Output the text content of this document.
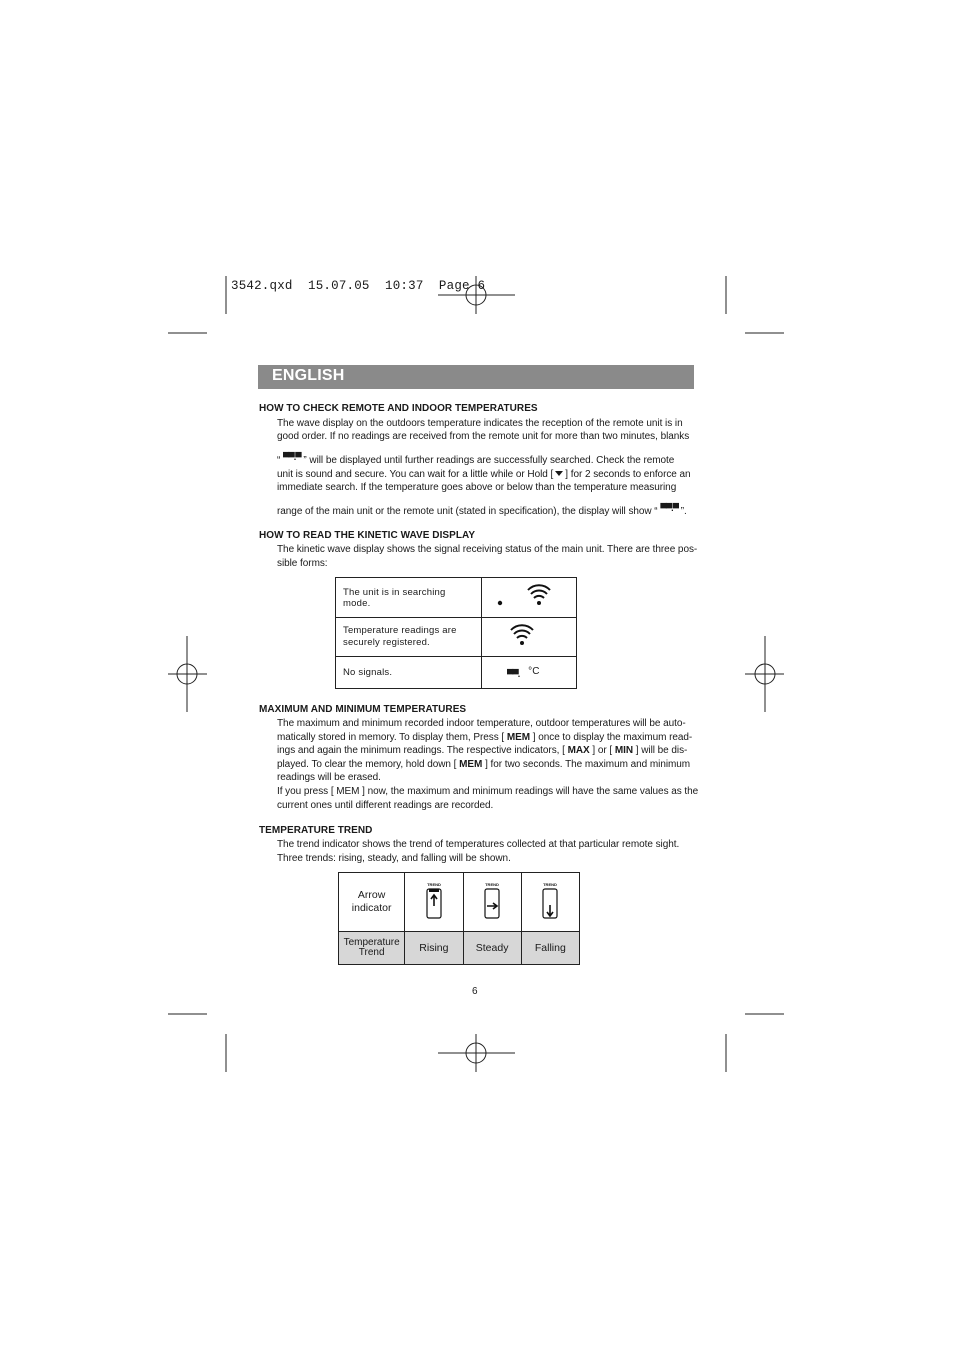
3542.qxd  15.07.05  10:37  Page 6
ENGLISH
HOW TO CHECK REMOTE AND INDOOR TEMPERATURES
The wave display on the outdoors temperature indicates the reception of the remote unit is in
good order. If no readings are received from the remote unit for more than two minutes, blanks
“ ▀▀.▀ ” will be displayed until further readings are successfully searched. Check the remote
unit is sound and secure. You can wait for a little while or Hold [ ] for 2 seconds to enforce an
immediate search. If the temperature goes above or below than the temperature measuring
range of the main unit or the remote unit (stated in specification), the display will show “ ▀▀.▀ ”.
HOW TO READ THE KINETIC WAVE DISPLAY
The kinetic wave display shows the signal receiving status of the main unit. There are three pos-
sible forms:
The unit is in searching mode.	

Temperature readings are
securely registered.

No signals.	▀▀. °C
MAXIMUM AND MINIMUM TEMPERATURES
The maximum and minimum recorded indoor temperature, outdoor temperatures will be auto-
matically stored in memory. To display them, Press [ MEM ] once to display the maximum read-
ings and again the minimum readings. The respective indicators, [ MAX ] or [ MIN ] will be dis-
played. To clear the memory, hold down [ MEM ] for two seconds. The maximum and minimum
readings will be erased.
If you press [ MEM ] now, the maximum and minimum readings will have the same values as the
current ones until different readings are recorded.
TEMPERATURE TREND
The trend indicator shows the trend of temperatures collected at that particular remote sight.
Three trends: rising, steady, and falling will be shown.
Arrow
indicator	TREND	TREND	TREND

Temperature
Trend	Rising	Steady	Falling
6
